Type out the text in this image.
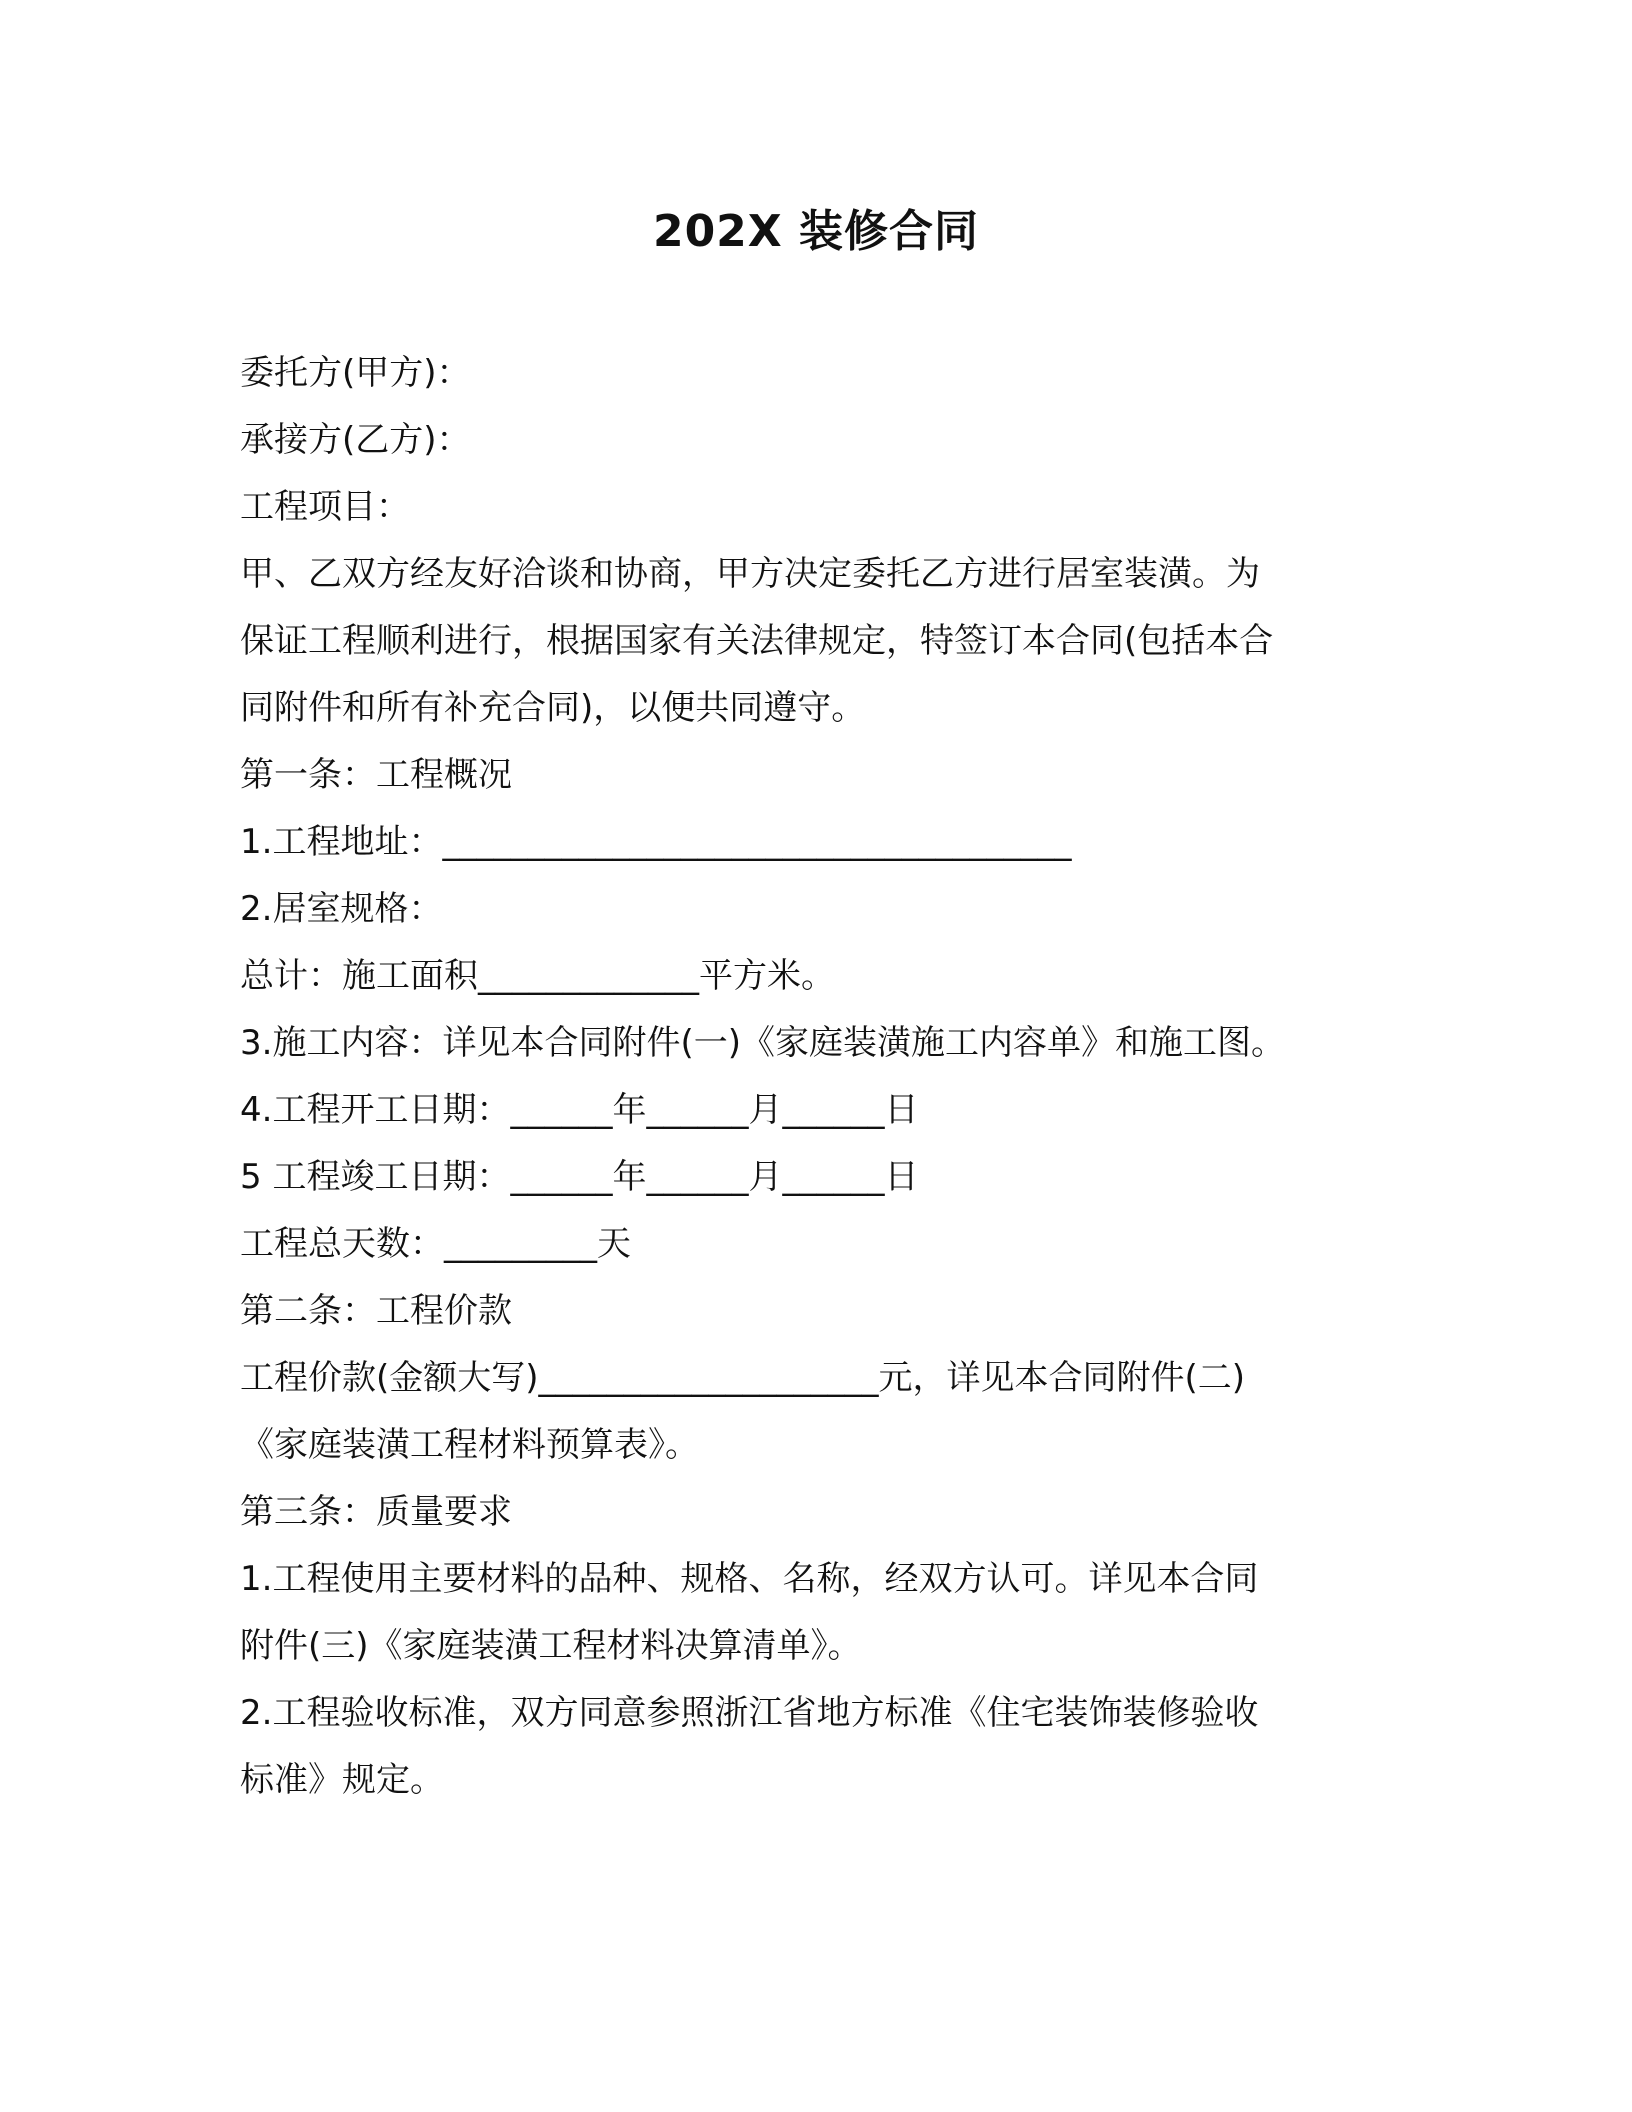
202X 装修合同

委托方(甲方)：

承接方(乙方)：

工程项目：

甲、乙双方经友好洽谈和协商，甲方决定委托乙方进行居室装潢。为

保证工程顺利进行，根据国家有关法律规定，特签订本合同(包括本合

同附件和所有补充合同)，以便共同遵守。

第一条：工程概况

1.工程地址：_____________________________________

2.居室规格：

总计：施工面积_____________平方米。

3.施工内容：详见本合同附件(一)《家庭装潢施工内容单》和施工图。

4.工程开工日期：______年______月______日

5 工程竣工日期：______年______月______日

工程总天数：_________天

第二条：工程价款

工程价款(金额大写)____________________元，详见本合同附件(二)

《家庭装潢工程材料预算表》。

第三条：质量要求

1.工程使用主要材料的品种、规格、名称，经双方认可。详见本合同

附件(三)《家庭装潢工程材料决算清单》。

2.工程验收标准，双方同意参照浙江省地方标准《住宅装饰装修验收

标准》规定。
